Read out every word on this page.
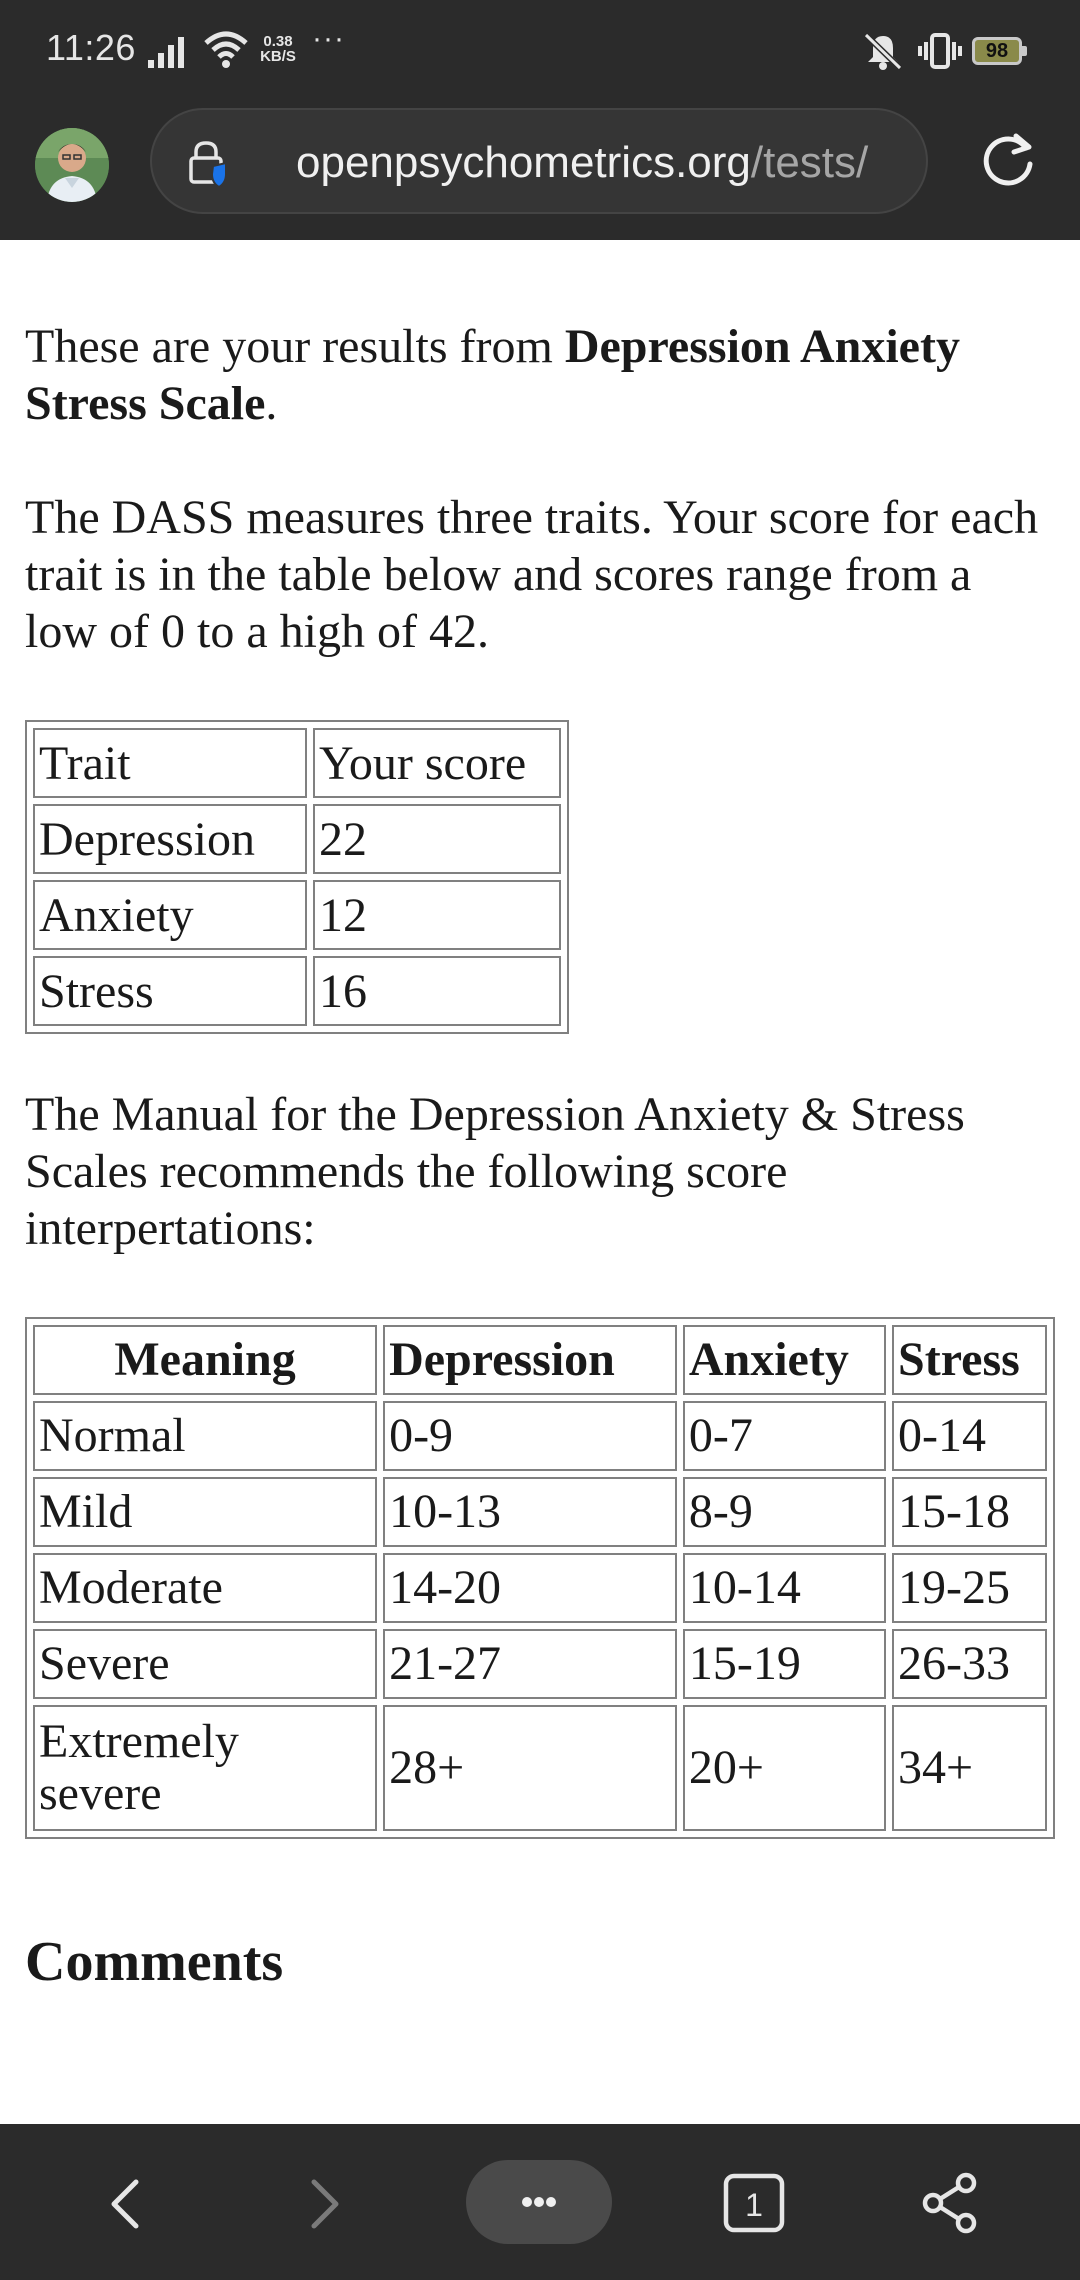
11:26	0.38
KB/S
···	98
openpsychometrics.org/tests/

These are your results from Depression Anxiety Stress Scale.

The DASS measures three traits. Your score for each trait is in the table below and scores range from a low of 0 to a high of 42.

Trait	Your score
Depression	22
Anxiety	12
Stress	16

The Manual for the Depression Anxiety & Stress Scales recommends the following score interpertations:

Meaning	Depression	Anxiety	Stress
Normal	0-9	0-7	0-14
Mild	10-13	8-9	15-18
Moderate	14-20	10-14	19-25
Severe	21-27	15-19	26-33
Extremely severe	28+	20+	34+
Comments
1
